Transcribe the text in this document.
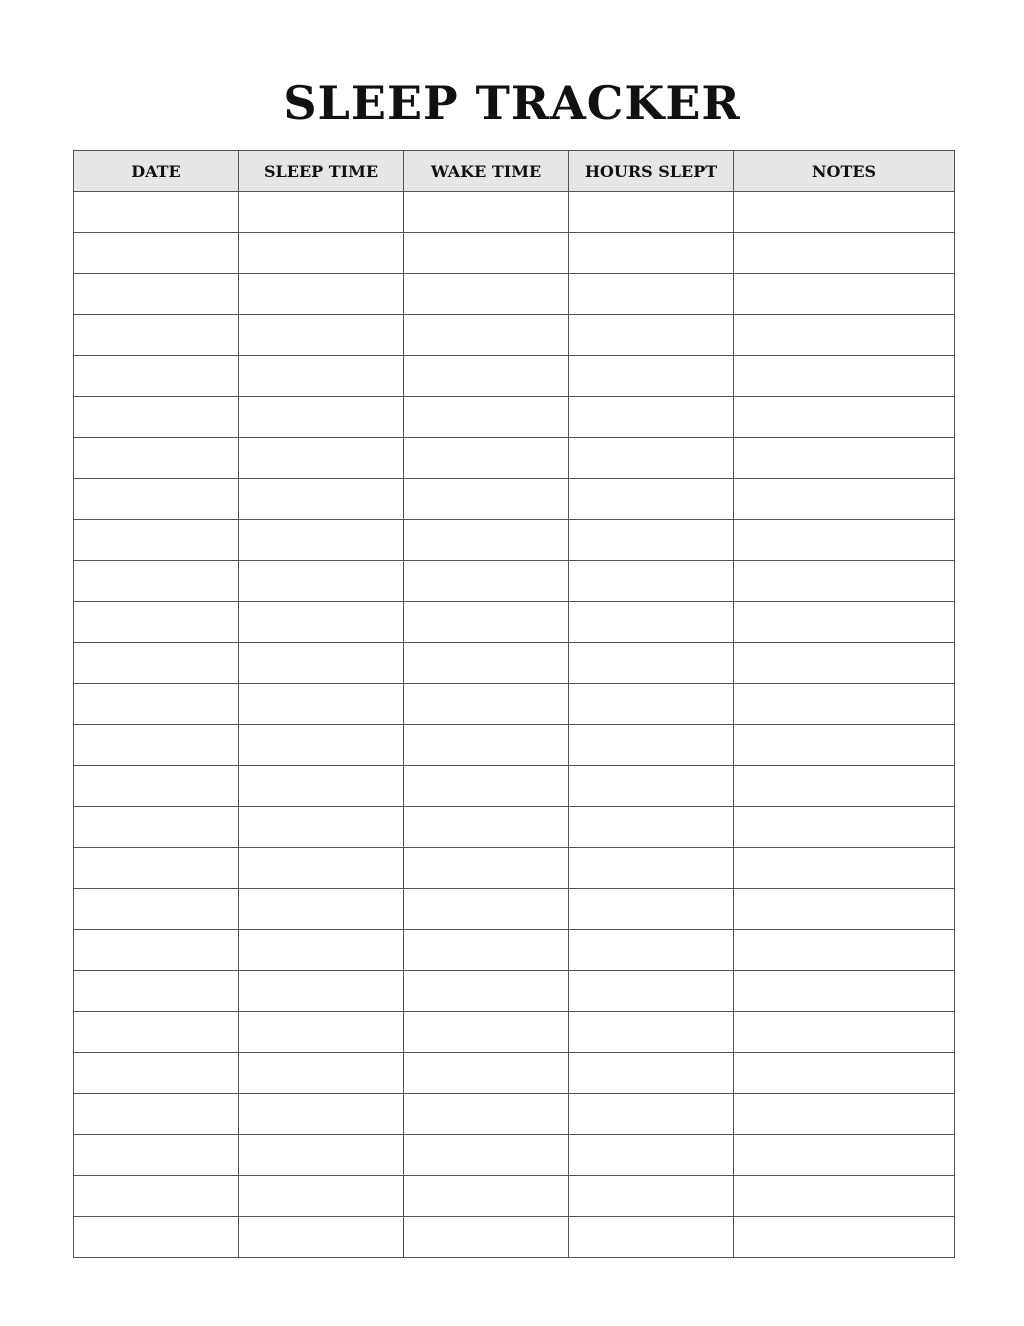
SLEEP TRACKER
DATE	SLEEP TIME	WAKE TIME	HOURS SLEPT	NOTES
